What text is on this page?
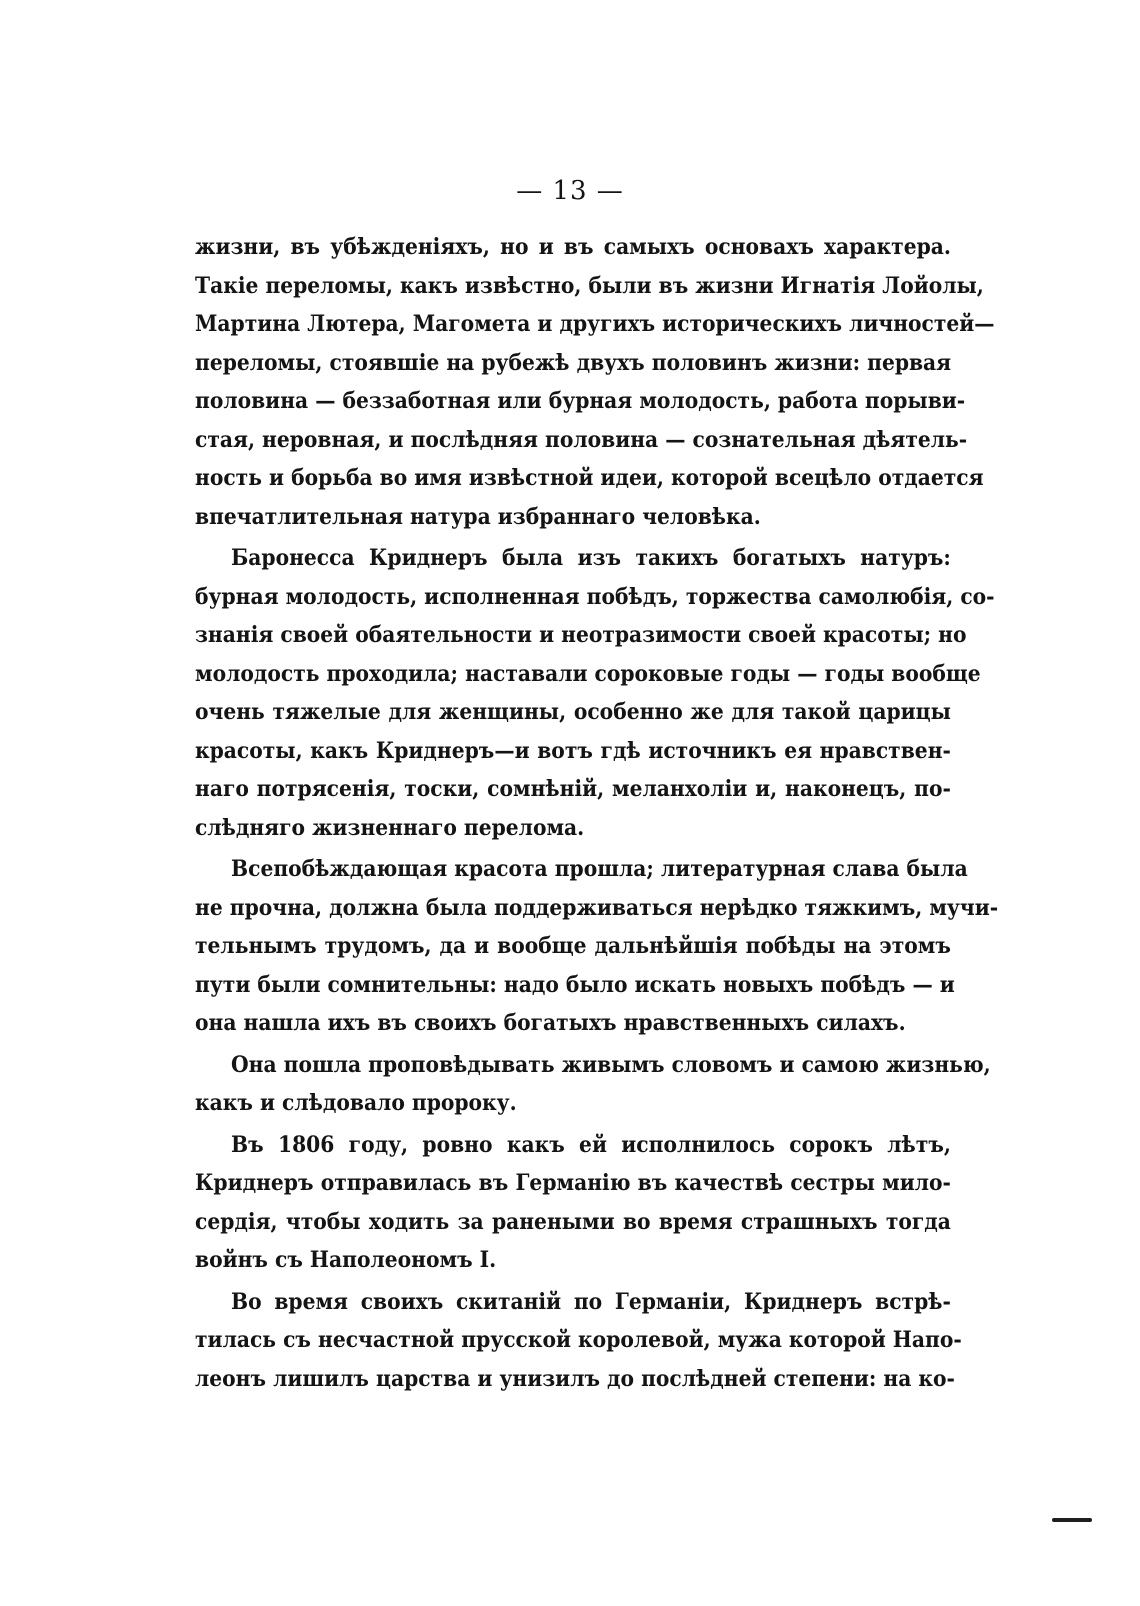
— 13 —
жизни, въ убѣжденіяхъ, но и въ самыхъ основахъ характера.
Такіе переломы, какъ извѣстно, были въ жизни Игнатія Лойолы,
Мартина Лютера, Магомета и другихъ историческихъ личностей—
переломы, стоявшіе на рубежѣ двухъ половинъ жизни: первая
половина — беззаботная или бурная молодость, работа порыви-
стая, неровная, и послѣдняя половина — сознательная дѣятель-
ность и борьба во имя извѣстной идеи, которой всецѣло отдается
впечатлительная натура избраннаго человѣка.
Баронесса Кpиднеpъ была изъ такихъ богатыхъ натуръ:
бурная молодость, исполненная побѣдъ, торжества самолюбія, со-
знанія своей обаятельности и неотразимости своей красоты; но
молодость проходила; наставали сороковые годы — годы вообще
очень тяжелые для женщины, особенно же для такой царицы
красоты, какъ Кpиднеpъ—и вотъ гдѣ источникъ ея нравствен-
наго потрясенія, тоски, сомнѣній, меланхоліи и, наконецъ, по-
слѣдняго жизненнаго перелома.
Всепобѣждающая красота прошла; литературная слава была
не прочна, должна была поддерживаться нерѣдко тяжкимъ, мучи-
тельнымъ трудомъ, да и вообще дальнѣйшія побѣды на этомъ
пути были сомнительны: надо было искать новыхъ побѣдъ — и
она нашла ихъ въ своихъ богатыхъ нравственныхъ силахъ.
Она пошла проповѣдывать живымъ словомъ и самою жизнью,
какъ и слѣдовало пророку.
Въ 1806 году, ровно какъ ей исполнилось сорокъ лѣтъ,
Кpиднеpъ отправилась въ Германію въ качествѣ сестры мило-
сердія, чтобы ходить за ранеными во время страшныхъ тогда
войнъ съ Наполеономъ I.
Во время своихъ скитаній по Германіи, Кpиднеpъ встрѣ-
тилась съ несчастной прусской королевой, мужа которой Напо-
леонъ лишилъ царства и унизилъ до послѣдней степени: на ко-
